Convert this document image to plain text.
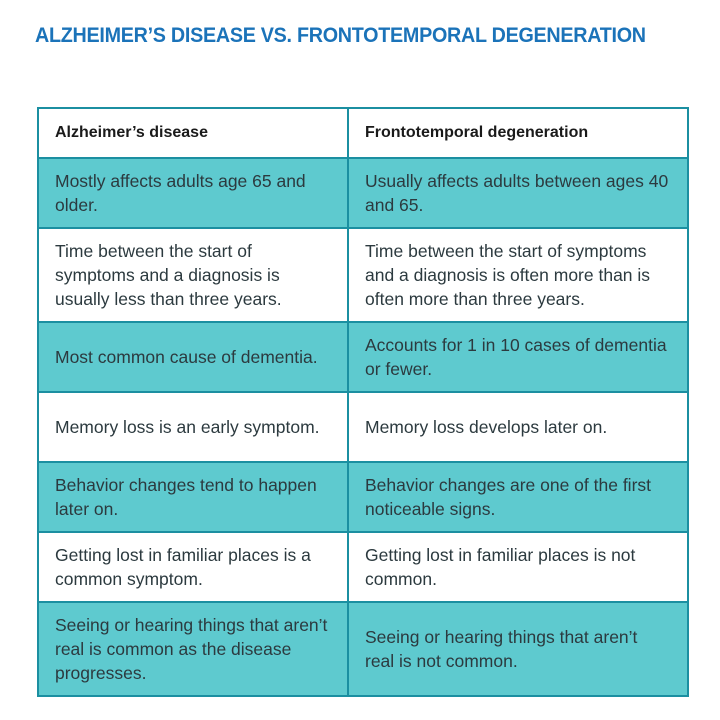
ALZHEIMER’S DISEASE VS. FRONTOTEMPORAL DEGENERATION
Alzheimer’s disease	Frontotemporal degeneration
Mostly affects adults age 65 and older.	Usually affects adults between ages 40 and 65.
Time between the start of symptoms and a diagnosis is usually less than three years.	Time between the start of symptoms and a diagnosis is often more than is often more than three years.
Most common cause of dementia.	Accounts for 1 in 10 cases of dementia or fewer.
Memory loss is an early symptom.	Memory loss develops later on.
Behavior changes tend to happen later on.	Behavior changes are one of the first noticeable signs.
Getting lost in familiar places is a common symptom.	Getting lost in familiar places is not common.
Seeing or hearing things that aren’t real is common as the disease progresses.	Seeing or hearing things that aren’t real is not common.
